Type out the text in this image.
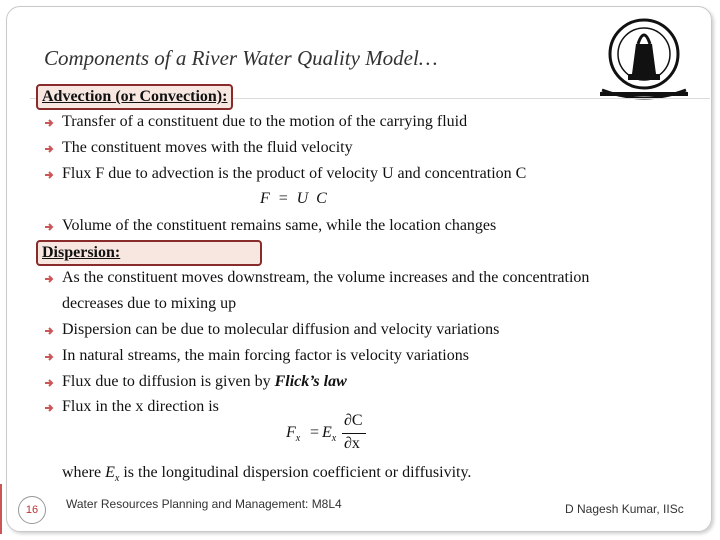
Components of a River Water Quality Model…
Advection (or Convection):
Transfer of a constituent due to the motion of the carrying fluid
The constituent moves with the fluid velocity
Flux F due to advection is the product of velocity U and concentration C
F = U C
Volume of the constituent remains same, while the location changes
Dispersion:
As the constituent moves downstream, the volume increases and the concentration
decreases due to mixing up
Dispersion can be due to molecular diffusion and velocity variations
In natural streams, the main forcing factor is velocity variations
Flux due to diffusion is given by Flick’s law
Flux in the x direction is
$F_x = E_x$
∂C
∂x
where $E_x$ is the longitudinal dispersion coefficient or diffusivity.
16	Water Resources Planning and Management: M8L4	D Nagesh Kumar, IISc
